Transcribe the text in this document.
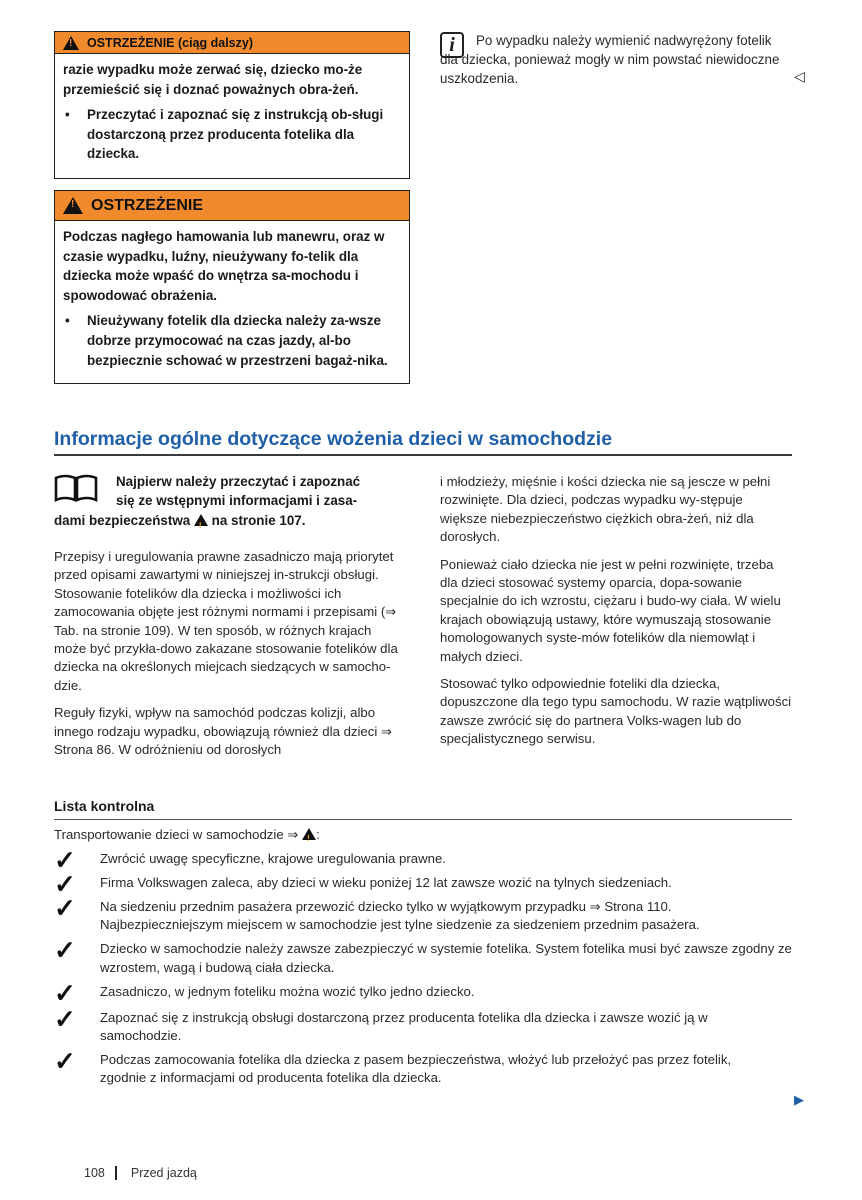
!
OSTRZEŻENIE (ciąg dalszy)

razie wypadku może zerwać się, dziecko mo-że przemieścić się i doznać poważnych obra-żeń.

•	Przeczytać i zapoznać się z instrukcją ob-sługi dostarczoną przez producenta fotelika dla dziecka.
!
OSTRZEŻENIE

Podczas nagłego hamowania lub manewru, oraz w czasie wypadku, luźny, nieużywany fo-telik dla dziecka może wpaść do wnętrza sa-mochodu i spowodować obrażenia.

•	Nieużywany fotelik dla dziecka należy za-wsze dobrze przymocować na czas jazdy, al-bo bezpiecznie schować w przestrzeni bagaż-nika.
i	Po wypadku należy wymienić nadwyrężony fotelik dla dziecka, ponieważ mogły w nim powstać niewidoczne uszkodzenia.	◁
Informacje ogólne dotyczące wożenia dzieci w samochodzie
Najpierw należy przeczytać i zapoznać
się ze wstępnymi informacjami i zasa-
dami bezpieczeństwa ! na stronie 107.

Przepisy i uregulowania prawne zasadniczo mają priorytet przed opisami zawartymi w niniejszej in-strukcji obsługi. Stosowanie fotelików dla dziecka i możliwości ich zamocowania objęte jest różnymi normami i przepisami (⇒ Tab. na stronie 109). W ten sposób, w różnych krajach może być przykła-dowo zakazane stosowanie fotelików dla dziecka na określonych miejcach siedzących w samocho-dzie.

Reguły fizyki, wpływ na samochód podczas kolizji, albo innego rodzaju wypadku, obowiązują również dla dzieci ⇒ Strona 86. W odróżnieniu od dorosłych

i młodzieży, mięśnie i kości dziecka nie są jescze w pełni rozwinięte. Dla dzieci, podczas wypadku wy-stępuje większe niebezpieczeństwo ciężkich obra-żeń, niż dla dorosłych.

Ponieważ ciało dziecka nie jest w pełni rozwinięte, trzeba dla dzieci stosować systemy oparcia, dopa-sowanie specjalnie do ich wzrostu, ciężaru i budo-wy ciała. W wielu krajach obowiązują ustawy, które wymuszają stosowanie homologowanych syste-mów fotelików dla niemowląt i małych dzieci.

Stosować tylko odpowiednie foteliki dla dziecka, dopuszczone dla tego typu samochodu. W razie wątpliwości zawsze zwrócić się do partnera Volks-wagen lub do specjalistycznego serwisu.

Lista kontrolna
Transportowanie dzieci w samochodzie ⇒ ! :
✓	Zwrócić uwagę specyficzne, krajowe uregulowania prawne.
✓	Firma Volkswagen zaleca, aby dzieci w wieku poniżej 12 lat zawsze wozić na tylnych siedzeniach.
✓	Na siedzeniu przednim pasażera przewozić dziecko tylko w wyjątkowym przypadku ⇒ Strona 110. Najbezpieczniejszym miejscem w samochodzie jest tylne siedzenie za siedzeniem przednim pasażera.
✓	Dziecko w samochodzie należy zawsze zabezpieczyć w systemie fotelika. System fotelika musi być zawsze zgodny ze wzrostem, wagą i budową ciała dziecka.
✓	Zasadniczo, w jednym foteliku można wozić tylko jedno dziecko.
✓	Zapoznać się z instrukcją obsługi dostarczoną przez producenta fotelika dla dziecka i zawsze wozić ją w samochodzie.
✓	Podczas zamocowania fotelika dla dziecka z pasem bezpieczeństwa, włożyć lub przełożyć pas przez fotelik, zgodnie z informacjami od producenta fotelika dla dziecka.
▶
108 Przed jazdą
